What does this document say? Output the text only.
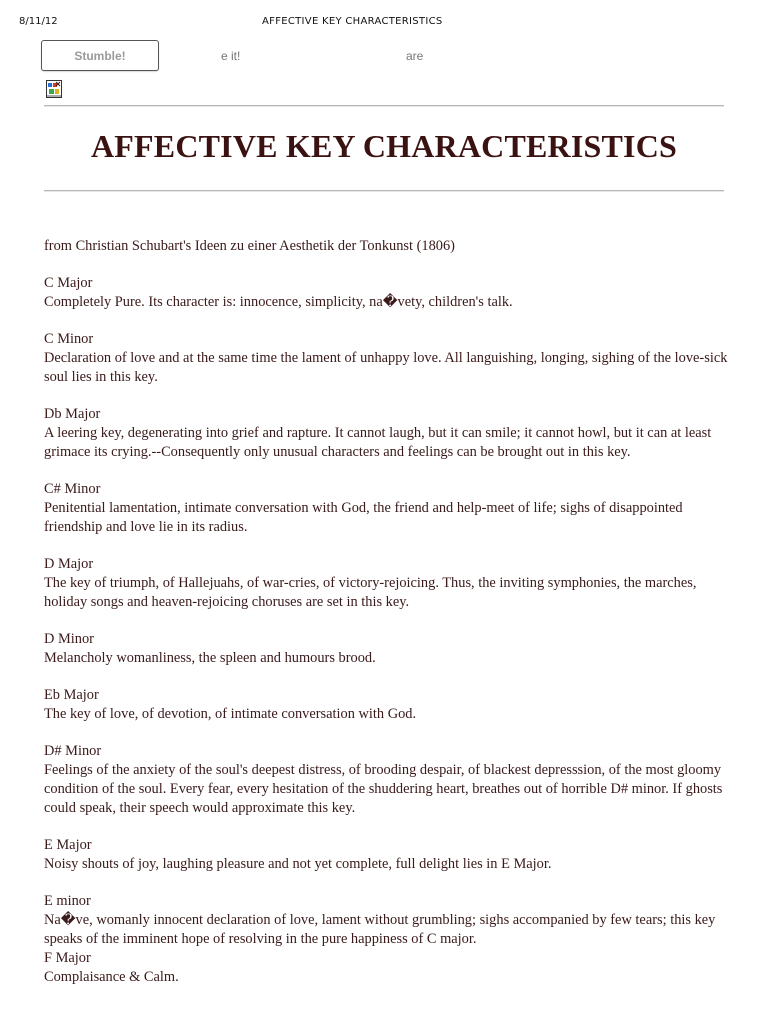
8/11/12	AFFECTIVE KEY CHARACTERISTICS
Stumble!	e it!	are
AFFECTIVE KEY CHARACTERISTICS
from Christian Schubart's Ideen zu einer Aesthetik der Tonkunst (1806)
C Major
Completely Pure. Its character is: innocence, simplicity, na�vety, children's talk.
C Minor
Declaration of love and at the same time the lament of unhappy love. All languishing, longing, sighing of the love-sick soul lies in this key.
Db Major
A leering key, degenerating into grief and rapture. It cannot laugh, but it can smile; it cannot howl, but it can at least grimace its crying.--Consequently only unusual characters and feelings can be brought out in this key.
C# Minor
Penitential lamentation, intimate conversation with God, the friend and help-meet of life; sighs of disappointed friendship and love lie in its radius.
D Major
The key of triumph, of Hallejuahs, of war-cries, of victory-rejoicing. Thus, the inviting symphonies, the marches, holiday songs and heaven-rejoicing choruses are set in this key.
D Minor
Melancholy womanliness, the spleen and humours brood.
Eb Major
The key of love, of devotion, of intimate conversation with God.
D# Minor
Feelings of the anxiety of the soul's deepest distress, of brooding despair, of blackest depresssion, of the most gloomy condition of the soul. Every fear, every hesitation of the shuddering heart, breathes out of horrible D# minor. If ghosts could speak, their speech would approximate this key.
E Major
Noisy shouts of joy, laughing pleasure and not yet complete, full delight lies in E Major.
E minor
Na�ve, womanly innocent declaration of love, lament without grumbling; sighs accompanied by few tears; this key speaks of the imminent hope of resolving in the pure happiness of C major.
F Major
Complaisance & Calm.
